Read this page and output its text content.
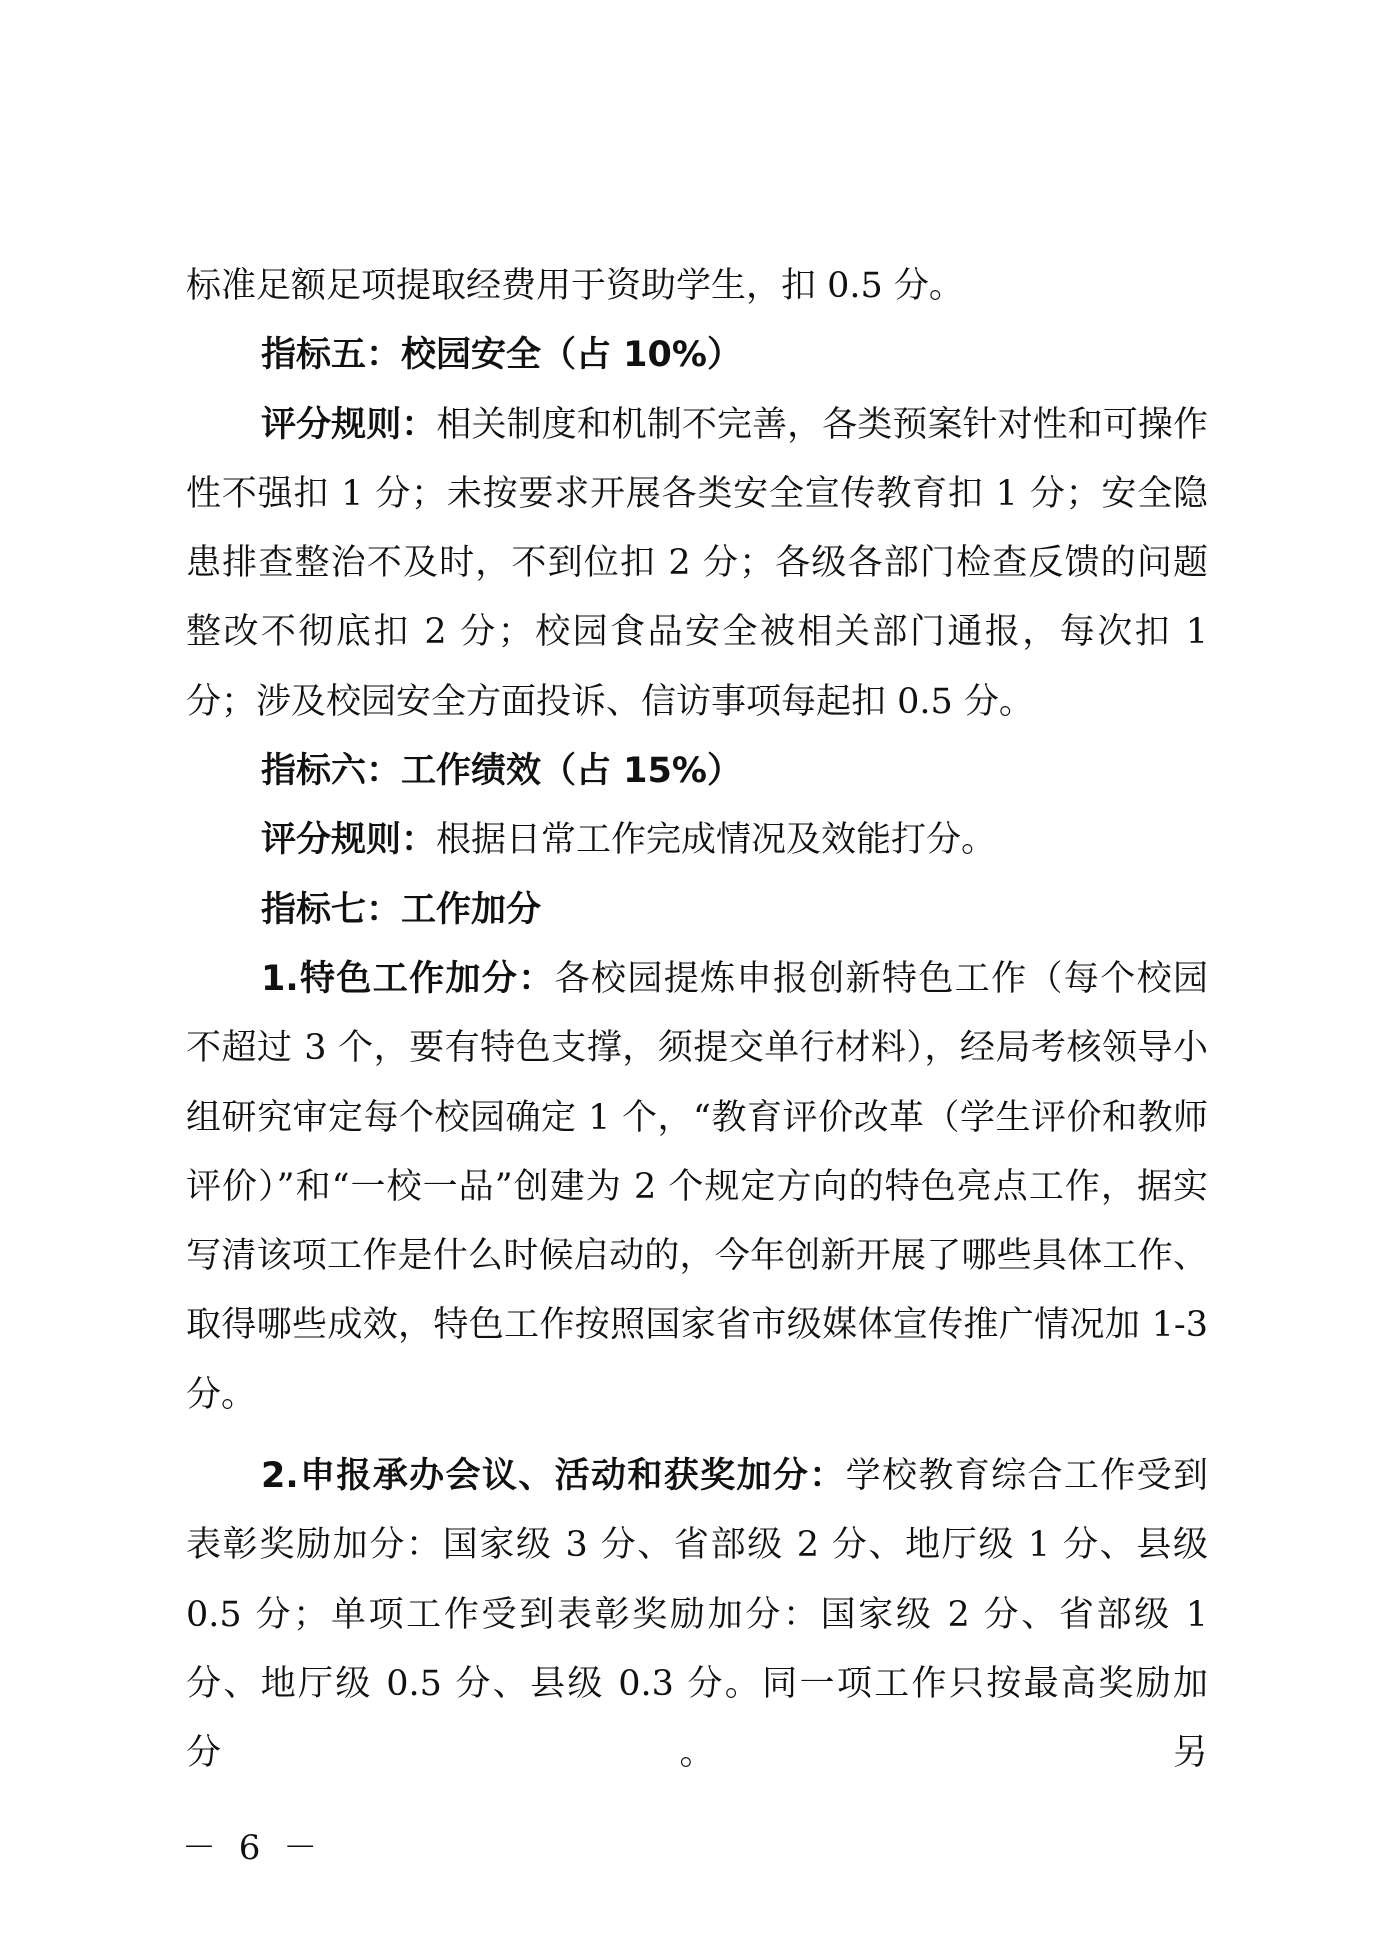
标准足额足项提取经费用于资助学生，扣 0.5 分。

指标五：校园安全（占 10%）

评分规则：相关制度和机制不完善，各类预案针对性和可操作性不强扣 1 分；未按要求开展各类安全宣传教育扣 1 分；安全隐患排查整治不及时，不到位扣 2 分；各级各部门检查反馈的问题整改不彻底扣 2 分；校园食品安全被相关部门通报，每次扣 1 分；涉及校园安全方面投诉、信访事项每起扣 0.5 分。

指标六：工作绩效（占 15%）

评分规则：根据日常工作完成情况及效能打分。

指标七：工作加分

1.特色工作加分：各校园提炼申报创新特色工作（每个校园不超过 3 个，要有特色支撑，须提交单行材料），经局考核领导小组研究审定每个校园确定 1 个，“教育评价改革（学生评价和教师评价）”和“一校一品”创建为 2 个规定方向的特色亮点工作，据实写清该项工作是什么时候启动的，今年创新开展了哪些具体工作、取得哪些成效，特色工作按照国家省市级媒体宣传推广情况加 1-3 分。

2.申报承办会议、活动和获奖加分：学校教育综合工作受到表彰奖励加分：国家级 3 分、省部级 2 分、地厅级 1 分、县级 0.5 分；单项工作受到表彰奖励加分：国家级 2 分、省部级 1 分、地厅级 0.5 分、县级 0.3 分。同一项工作只按最高奖励加分。另

－ 6 －
